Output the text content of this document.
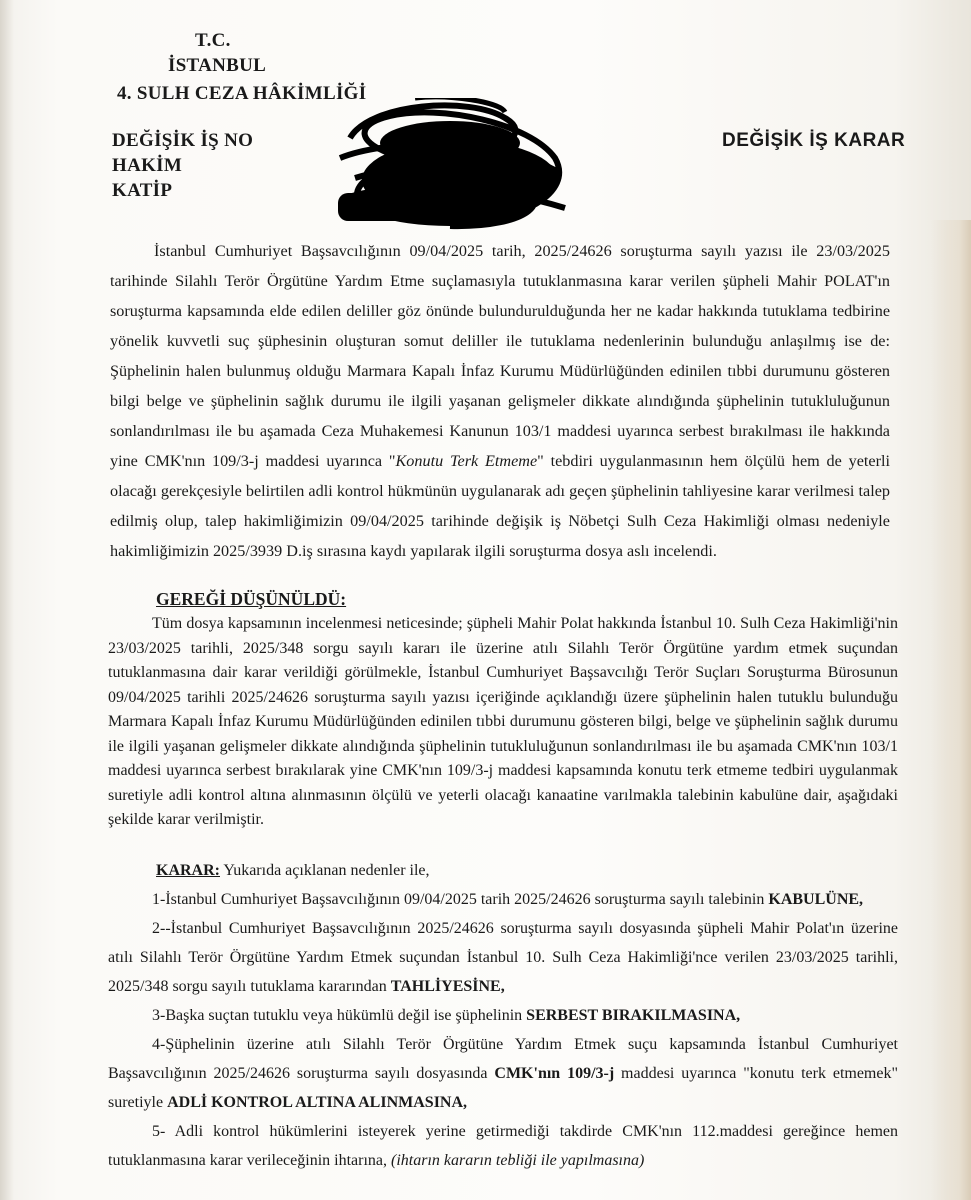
T.C.
İSTANBUL
4. SULH CEZA HÂKİMLİĞİ
DEĞİŞİK İŞ NO
HAKİM
KATİP
DEĞİŞİK İŞ KARAR

İstanbul Cumhuriyet Başsavcılığının 09/04/2025 tarih, 2025/24626 soruşturma sayılı yazısı ile 23/03/2025 tarihinde Silahlı Terör Örgütüne Yardım Etme suçlamasıyla tutuklanmasına karar verilen şüpheli Mahir POLAT'ın soruşturma kapsamında elde edilen deliller göz önünde bulundurulduğunda her ne kadar hakkında tutuklama tedbirine yönelik kuvvetli suç şüphesinin oluşturan somut deliller ile tutuklama nedenlerinin bulunduğu anlaşılmış ise de: Şüphelinin halen bulunmuş olduğu Marmara Kapalı İnfaz Kurumu Müdürlüğünden edinilen tıbbi durumunu gösteren bilgi belge ve şüphelinin sağlık durumu ile ilgili yaşanan gelişmeler dikkate alındığında şüphelinin tutukluluğunun sonlandırılması ile bu aşamada Ceza Muhakemesi Kanunun 103/1 maddesi uyarınca serbest bırakılması ile hakkında yine CMK'nın 109/3-j maddesi uyarınca "Konutu Terk Etmeme" tebdiri uygulanmasının hem ölçülü hem de yeterli olacağı gerekçesiyle belirtilen adli kontrol hükmünün uygulanarak adı geçen şüphelinin tahliyesine karar verilmesi talep edilmiş olup, talep hakimliğimizin 09/04/2025 tarihinde değişik iş Nöbetçi Sulh Ceza Hakimliği olması nedeniyle hakimliğimizin 2025/3939 D.iş sırasına kaydı yapılarak ilgili soruşturma dosya aslı incelendi.

GEREĞİ DÜŞÜNÜLDÜ:

Tüm dosya kapsamının incelenmesi neticesinde; şüpheli Mahir Polat hakkında İstanbul 10. Sulh Ceza Hakimliği'nin 23/03/2025 tarihli, 2025/348 sorgu sayılı kararı ile üzerine atılı Silahlı Terör Örgütüne yardım etmek suçundan tutuklanmasına dair karar verildiği görülmekle, İstanbul Cumhuriyet Başsavcılığı Terör Suçları Soruşturma Bürosunun 09/04/2025 tarihli 2025/24626 soruşturma sayılı yazısı içeriğinde açıklandığı üzere şüphelinin halen tutuklu bulunduğu Marmara Kapalı İnfaz Kurumu Müdürlüğünden edinilen tıbbi durumunu gösteren bilgi, belge ve şüphelinin sağlık durumu ile ilgili yaşanan gelişmeler dikkate alındığında şüphelinin tutukluluğunun sonlandırılması ile bu aşamada CMK'nın 103/1 maddesi uyarınca serbest bırakılarak yine CMK'nın 109/3-j maddesi kapsamında konutu terk etmeme tedbiri uygulanmak suretiyle adli kontrol altına alınmasının ölçülü ve yeterli olacağı kanaatine varılmakla talebinin kabulüne dair, aşağıdaki şekilde karar verilmiştir.

KARAR: Yukarıda açıklanan nedenler ile,

1-İstanbul Cumhuriyet Başsavcılığının 09/04/2025 tarih 2025/24626 soruşturma sayılı talebinin KABULÜNE,

2--İstanbul Cumhuriyet Başsavcılığının 2025/24626 soruşturma sayılı dosyasında şüpheli Mahir Polat'ın üzerine atılı Silahlı Terör Örgütüne Yardım Etmek suçundan İstanbul 10. Sulh Ceza Hakimliği'nce verilen 23/03/2025 tarihli, 2025/348 sorgu sayılı tutuklama kararından TAHLİYESİNE,

3-Başka suçtan tutuklu veya hükümlü değil ise şüphelinin SERBEST BIRAKILMASINA,

4-Şüphelinin üzerine atılı Silahlı Terör Örgütüne Yardım Etmek suçu kapsamında İstanbul Cumhuriyet Başsavcılığının 2025/24626 soruşturma sayılı dosyasında CMK'nın 109/3-j maddesi uyarınca "konutu terk etmemek" suretiyle ADLİ KONTROL ALTINA ALINMASINA,

5- Adli kontrol hükümlerini isteyerek yerine getirmediği takdirde CMK'nın 112.maddesi gereğince hemen tutuklanmasına karar verileceğinin ihtarına, (ihtarın kararın tebliği ile yapılmasına)
